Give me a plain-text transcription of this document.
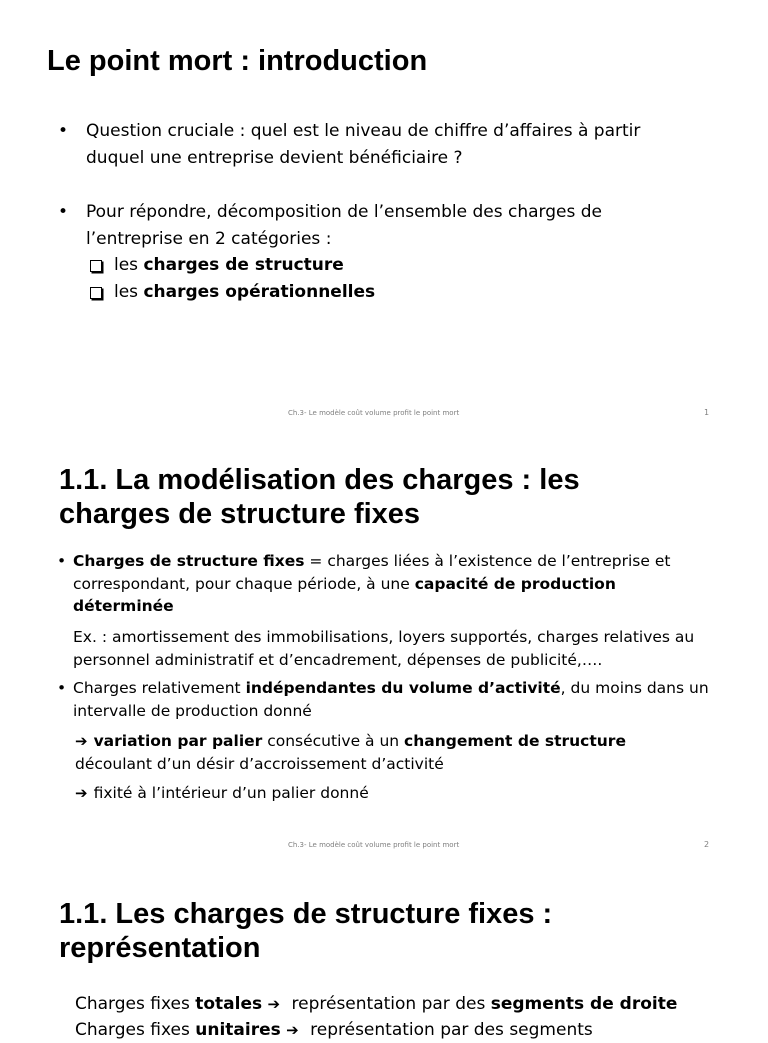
Le point mort : introduction
•	Question cruciale : quel est le niveau de chiffre d’affaires à partir duquel une entreprise devient bénéficiaire ?
•	Pour répondre, décomposition de l’ensemble des charges de l’entreprise en 2 catégories :
les charges de structure
les charges opérationnelles
Ch.3- Le modèle coût volume profit le point mort	1
1.1. La modélisation des charges : les
charges de structure fixes
• Charges de structure fixes = charges liées à l’existence de l’entreprise et correspondant, pour chaque période, à une capacité de production déterminée
Ex. : amortissement des immobilisations, loyers supportés, charges relatives au personnel administratif et d’encadrement, dépenses de publicité,….
• Charges relativement indépendantes du volume d’activité, du moins dans un intervalle de production donné
➔ variation par palier consécutive à un changement de structure
découlant d’un désir d’accroissement d’activité
➔ fixité à l’intérieur d’un palier donné
Ch.3- Le modèle coût volume profit le point mort	2
1.1. Les charges de structure fixes :
représentation
Charges fixes totales ➔ représentation par des segments de droite
Charges fixes unitaires ➔ représentation par des segments
